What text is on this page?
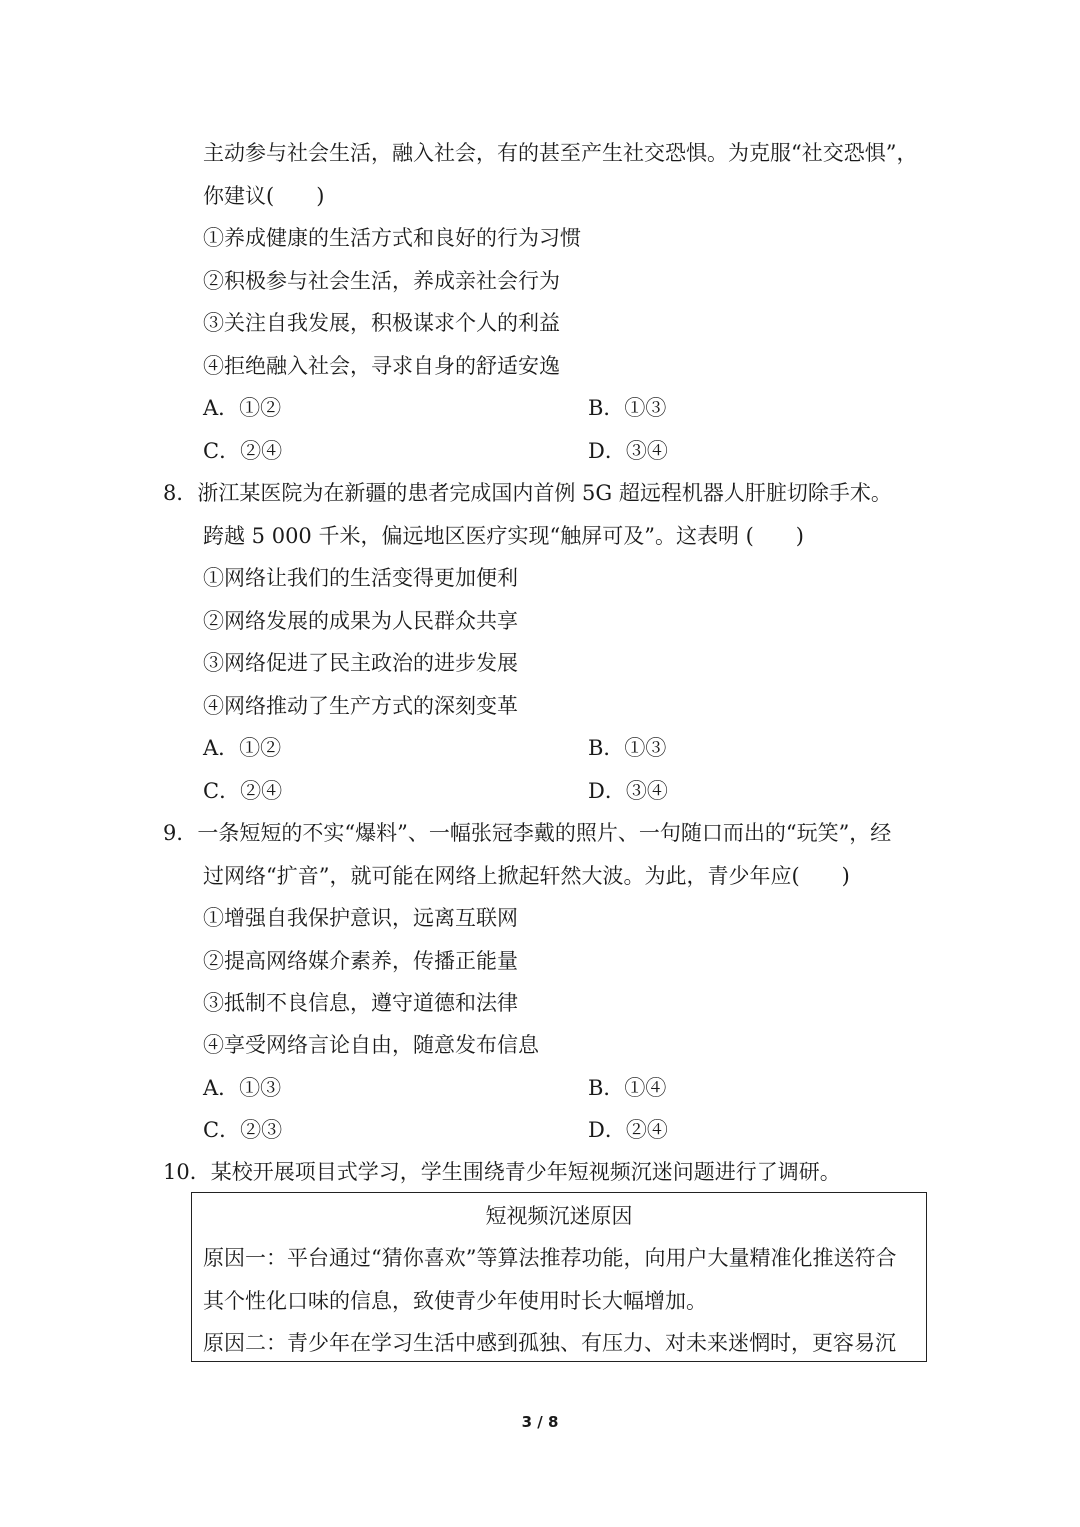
主动参与社会生活，融入社会，有的甚至产生社交恐惧。为克服“社交恐惧”，
你建议(　　)
①养成健康的生活方式和良好的行为习惯
②积极参与社会生活，养成亲社会行为
③关注自我发展，积极谋求个人的利益
④拒绝融入社会，寻求自身的舒适安逸
A．①②	B．①③
C．②④	D．③④
8．浙江某医院为在新疆的患者完成国内首例 5G 超远程机器人肝脏切除手术。
跨越 5 000 千米，偏远地区医疗实现“触屏可及”。这表明 (　　)
①网络让我们的生活变得更加便利
②网络发展的成果为人民群众共享
③网络促进了民主政治的进步发展
④网络推动了生产方式的深刻变革
A．①②	B．①③
C．②④	D．③④
9．一条短短的不实“爆料”、一幅张冠李戴的照片、一句随口而出的“玩笑”，经
过网络“扩音”，就可能在网络上掀起轩然大波。为此，青少年应(　　)
①增强自我保护意识，远离互联网
②提高网络媒介素养，传播正能量
③抵制不良信息，遵守道德和法律
④享受网络言论自由，随意发布信息
A．①③	B．①④
C．②③	D．②④
10．某校开展项目式学习，学生围绕青少年短视频沉迷问题进行了调研。
短视频沉迷原因
原因一：平台通过“猜你喜欢”等算法推荐功能，向用户大量精准化推送符合
其个性化口味的信息，致使青少年使用时长大幅增加。
原因二：青少年在学习生活中感到孤独、有压力、对未来迷惘时，更容易沉
3 / 8
